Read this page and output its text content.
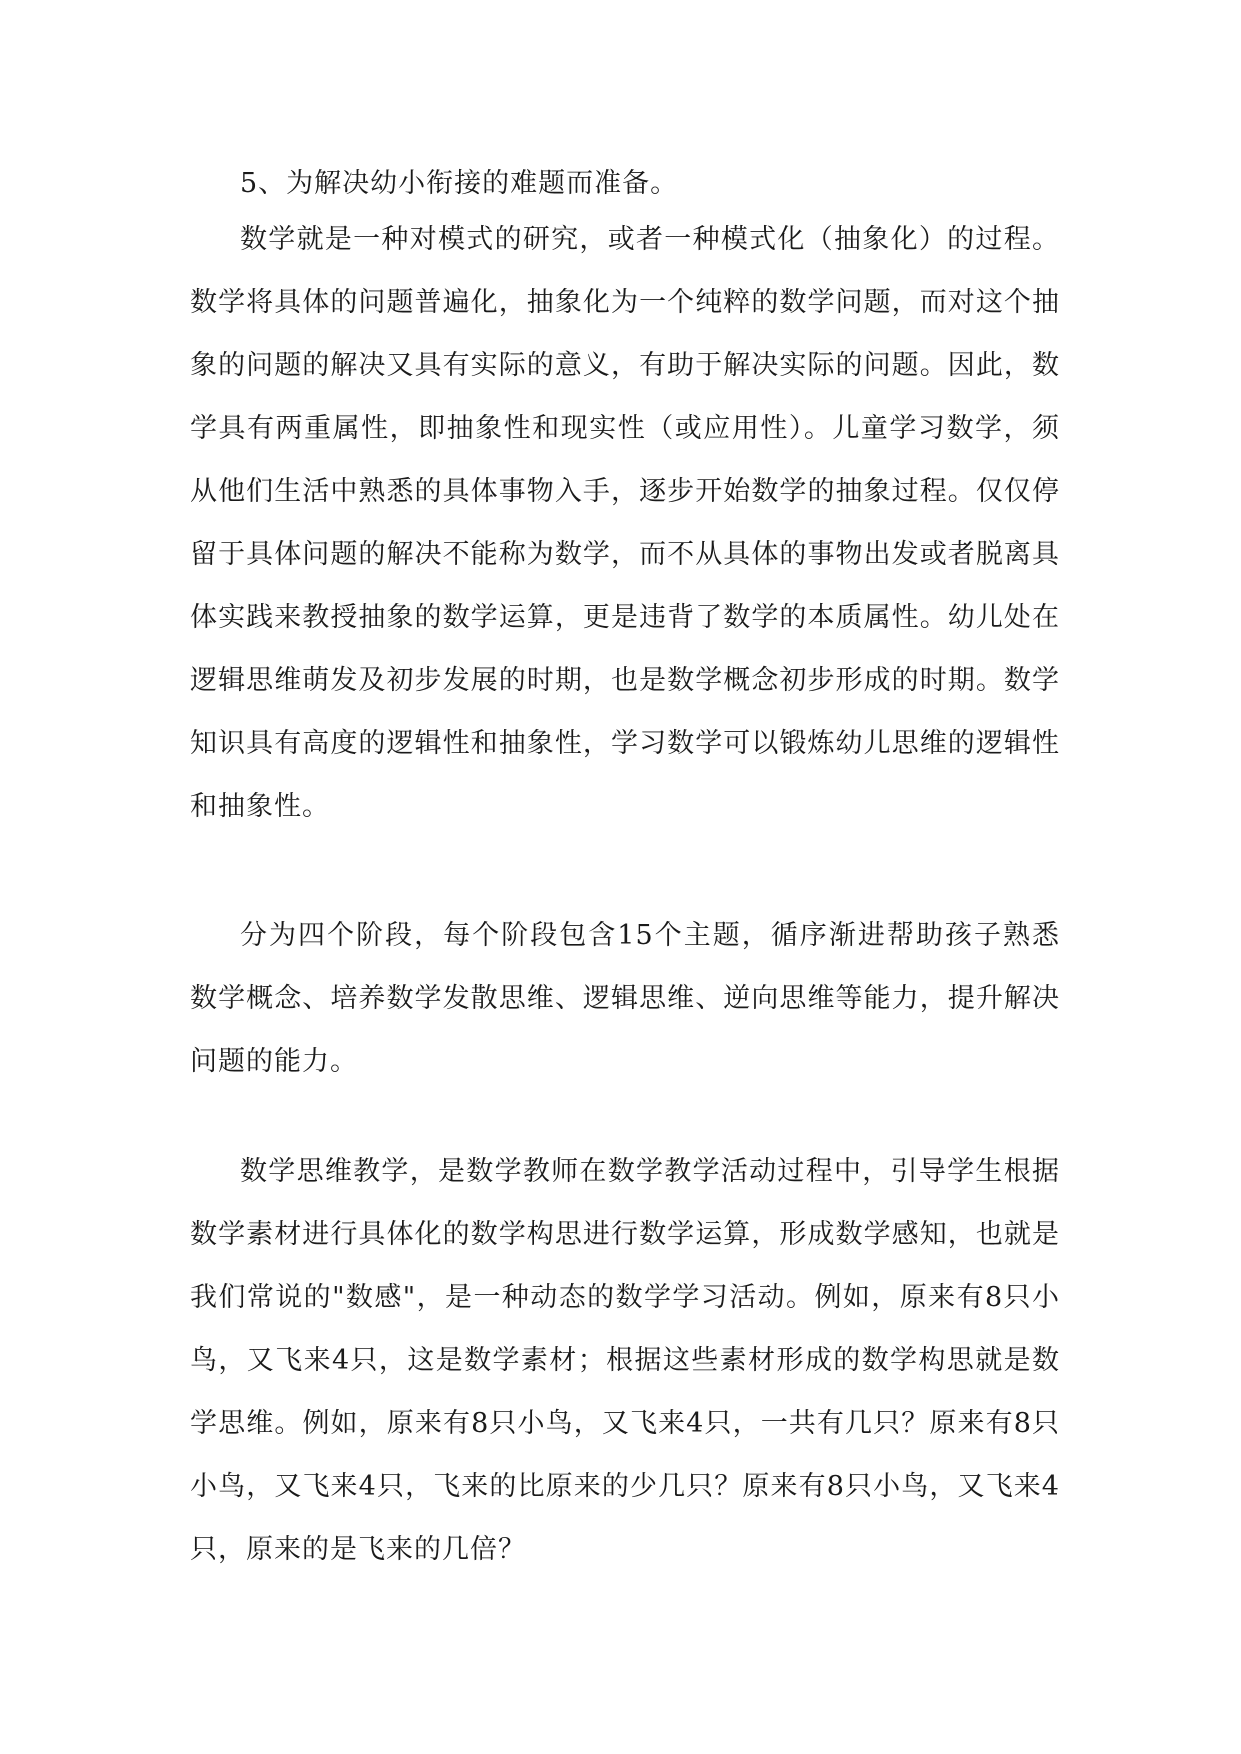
5、为解决幼小衔接的难题而准备。

数学就是一种对模式的研究，或者一种模式化（抽象化）的过程。数学将具体的问题普遍化，抽象化为一个纯粹的数学问题，而对这个抽象的问题的解决又具有实际的意义，有助于解决实际的问题。因此，数学具有两重属性，即抽象性和现实性（或应用性）。儿童学习数学，须从他们生活中熟悉的具体事物入手，逐步开始数学的抽象过程。仅仅停留于具体问题的解决不能称为数学，而不从具体的事物出发或者脱离具体实践来教授抽象的数学运算，更是违背了数学的本质属性。幼儿处在逻辑思维萌发及初步发展的时期，也是数学概念初步形成的时期。数学知识具有高度的逻辑性和抽象性，学习数学可以锻炼幼儿思维的逻辑性和抽象性。

分为四个阶段，每个阶段包含15个主题，循序渐进帮助孩子熟悉数学概念、培养数学发散思维、逻辑思维、逆向思维等能力，提升解决问题的能力。

数学思维教学，是数学教师在数学教学活动过程中，引导学生根据数学素材进行具体化的数学构思进行数学运算，形成数学感知，也就是我们常说的"数感"，是一种动态的数学学习活动。例如，原来有8只小鸟，又飞来4只，这是数学素材；根据这些素材形成的数学构思就是数学思维。例如，原来有8只小鸟，又飞来4只，一共有几只？原来有8只小鸟，又飞来4只，飞来的比原来的少几只？原来有8只小鸟，又飞来4只，原来的是飞来的几倍？
